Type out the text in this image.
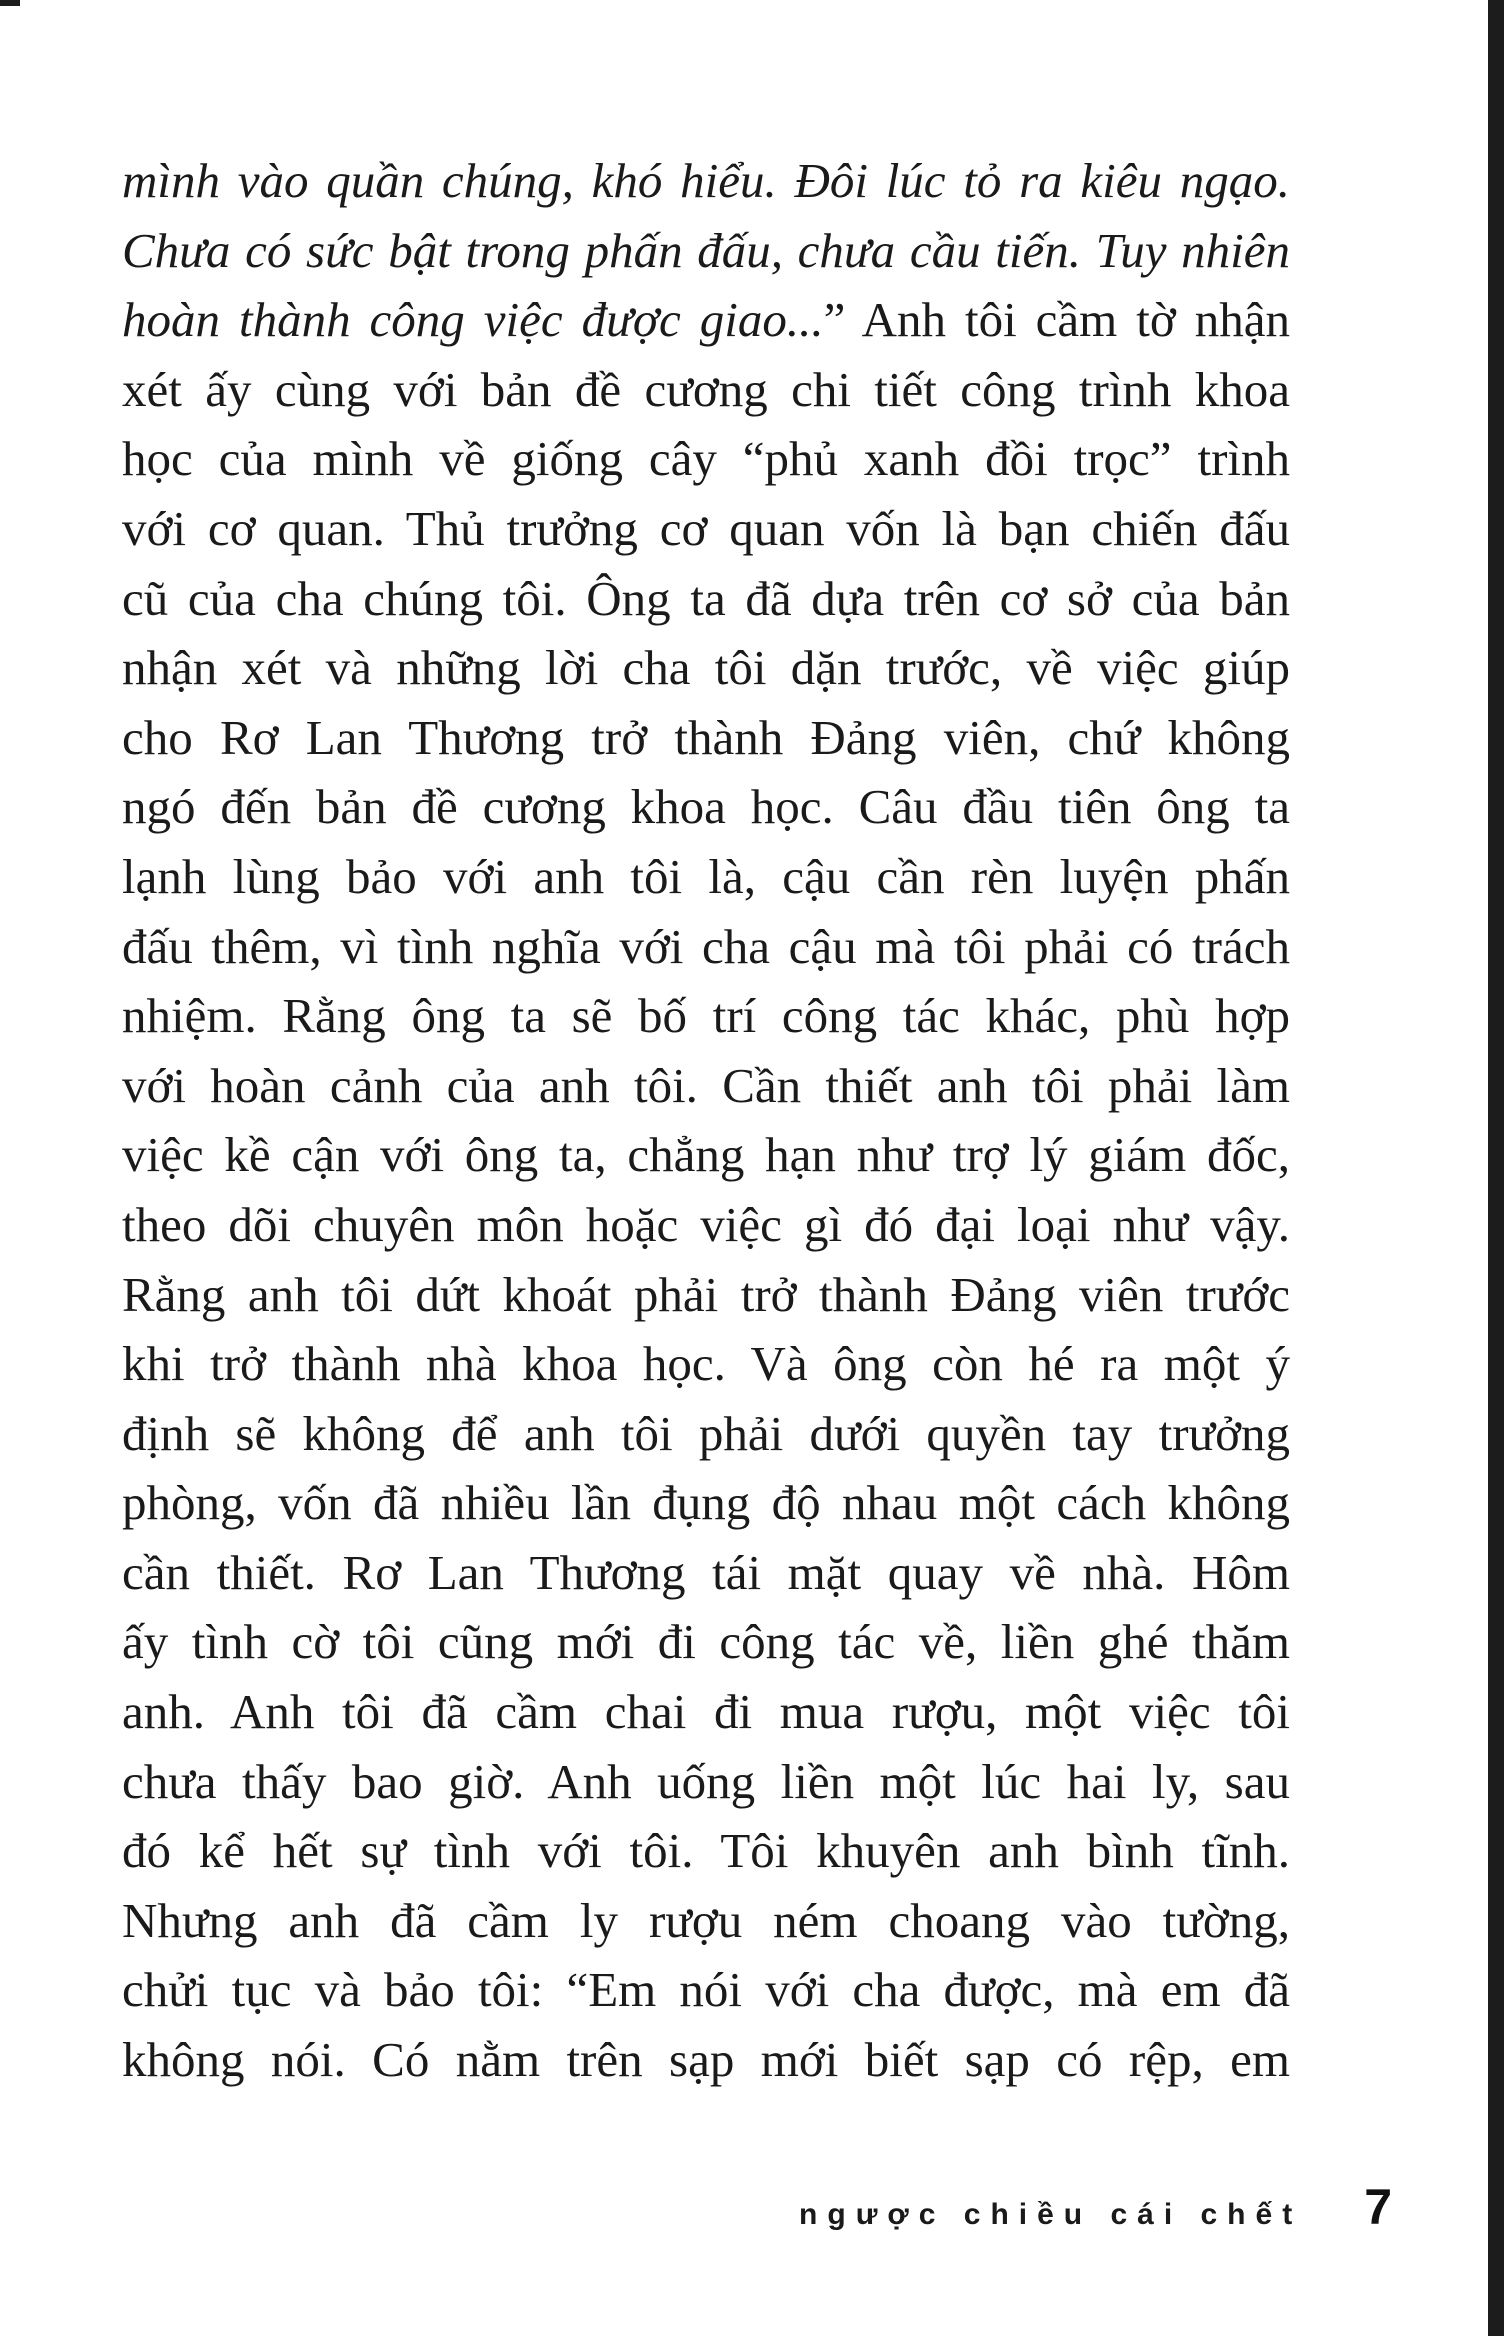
mình vào quần chúng, khó hiểu. Đôi lúc tỏ ra kiêu ngạo.
Chưa có sức bật trong phấn đấu, chưa cầu tiến. Tuy nhiên
hoàn thành công việc được giao...” Anh tôi cầm tờ nhận
xét ấy cùng với bản đề cương chi tiết công trình khoa
học của mình về giống cây “phủ xanh đồi trọc” trình
với cơ quan. Thủ trưởng cơ quan vốn là bạn chiến đấu
cũ của cha chúng tôi. Ông ta đã dựa trên cơ sở của bản
nhận xét và những lời cha tôi dặn trước, về việc giúp
cho Rơ Lan Thương trở thành Đảng viên, chứ không
ngó đến bản đề cương khoa học. Câu đầu tiên ông ta
lạnh lùng bảo với anh tôi là, cậu cần rèn luyện phấn
đấu thêm, vì tình nghĩa với cha cậu mà tôi phải có trách
nhiệm. Rằng ông ta sẽ bố trí công tác khác, phù hợp
với hoàn cảnh của anh tôi. Cần thiết anh tôi phải làm
việc kề cận với ông ta, chẳng hạn như trợ lý giám đốc,
theo dõi chuyên môn hoặc việc gì đó đại loại như vậy.
Rằng anh tôi dứt khoát phải trở thành Đảng viên trước
khi trở thành nhà khoa học. Và ông còn hé ra một ý
định sẽ không để anh tôi phải dưới quyền tay trưởng
phòng, vốn đã nhiều lần đụng độ nhau một cách không
cần thiết. Rơ Lan Thương tái mặt quay về nhà. Hôm
ấy tình cờ tôi cũng mới đi công tác về, liền ghé thăm
anh. Anh tôi đã cầm chai đi mua rượu, một việc tôi
chưa thấy bao giờ. Anh uống liền một lúc hai ly, sau
đó kể hết sự tình với tôi. Tôi khuyên anh bình tĩnh.
Nhưng anh đã cầm ly rượu ném choang vào tường,
chửi tục và bảo tôi: “Em nói với cha được, mà em đã
không nói. Có nằm trên sạp mới biết sạp có rệp, em
ngược chiều cái chết 7
